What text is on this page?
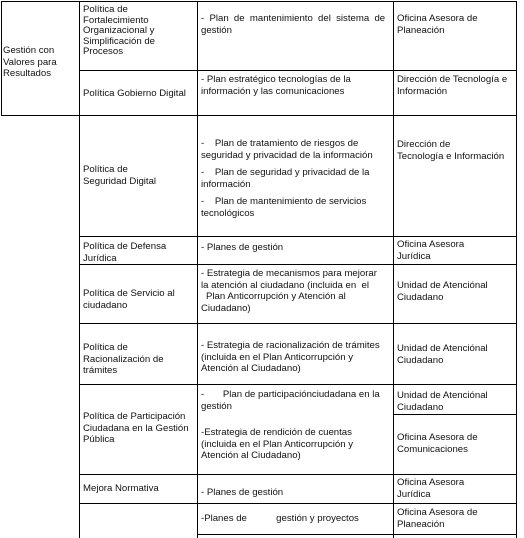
Gestión con
Valores para
Resultados
Política de
Fortalecimiento
Organizacional y
Simplificación de
Procesos
- Plan de mantenimiento del sistema de
gestión
Oficina Asesora de
Planeación
Política Gobierno Digital
- Plan estratégico tecnologías de la
información y las comunicaciones
Dirección de Tecnología e
Información
Política de
Seguridad Digital
-    Plan de tratamiento de riesgos de
seguridad y privacidad de la información
-    Plan de seguridad y privacidad de la
información
-    Plan de mantenimiento de servicios
tecnológicos
Dirección de
Tecnología e Información
Política de Defensa
Jurídica
- Planes de gestión	Oficina Asesora
Jurídica
Política de Servicio al
ciudadano
- Estrategia de mecanismos para mejorar
la atención al ciudadano (incluida en  el
Plan Anticorrupción y Atención al
Ciudadano)
Unidad de Atenciónal
Ciudadano
Política de
Racionalización de
trámites
- Estrategia de racionalización de trámites
(incluida en el Plan Anticorrupción y
Atención al Ciudadano)
Unidad de Atenciónal
Ciudadano
Política de Participación
Ciudadana en la Gestión
Pública
-       Plan de participaciónciudadana en la
gestión
-Estrategia de rendición de cuentas
(incluida en el Plan Anticorrupción y
Atención al Ciudadano)
Unidad de Atenciónal
Ciudadano
Oficina Asesora de
Comunicaciones
Mejora Normativa	- Planes de gestión
Oficina Asesora
Jurídica
-Planes de           gestión y proyectos
Oficina Asesora de
Planeación
